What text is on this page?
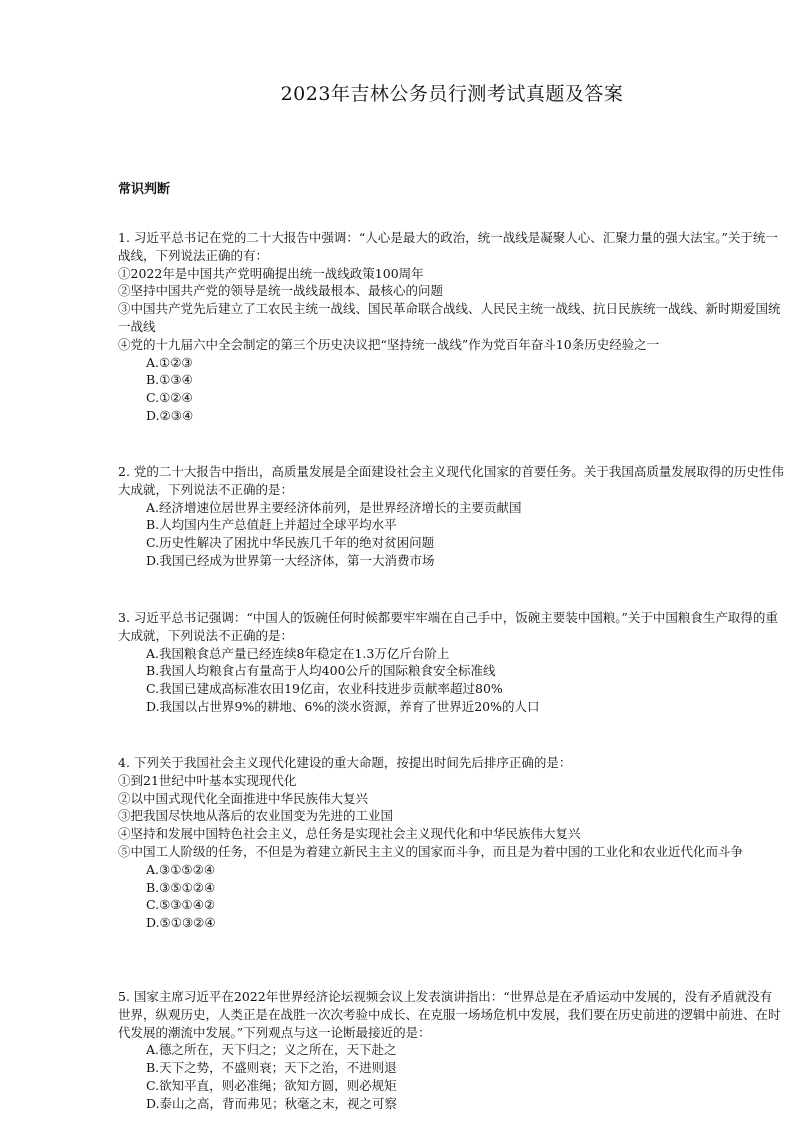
2023年吉林公务员行测考试真题及答案
常识判断

1. 习近平总书记在党的二十大报告中强调：“人心是最大的政治，统一战线是凝聚人心、汇聚力量的强大法宝。”关于统一战线，下列说法正确的有：

①2022年是中国共产党明确提出统一战线政策100周年

②坚持中国共产党的领导是统一战线最根本、最核心的问题

③中国共产党先后建立了工农民主统一战线、国民革命联合战线、人民民主统一战线、抗日民族统一战线、新时期爱国统一战线

④党的十九届六中全会制定的第三个历史决议把“坚持统一战线”作为党百年奋斗10条历史经验之一

A.①②③

B.①③④

C.①②④

D.②③④

2. 党的二十大报告中指出，高质量发展是全面建设社会主义现代化国家的首要任务。关于我国高质量发展取得的历史性伟大成就，下列说法不正确的是：

A.经济增速位居世界主要经济体前列，是世界经济增长的主要贡献国

B.人均国内生产总值赶上并超过全球平均水平

C.历史性解决了困扰中华民族几千年的绝对贫困问题

D.我国已经成为世界第一大经济体，第一大消费市场

3. 习近平总书记强调：“中国人的饭碗任何时候都要牢牢端在自己手中，饭碗主要装中国粮。”关于中国粮食生产取得的重大成就，下列说法不正确的是：

A.我国粮食总产量已经连续8年稳定在1.3万亿斤台阶上

B.我国人均粮食占有量高于人均400公斤的国际粮食安全标准线

C.我国已建成高标准农田19亿亩，农业科技进步贡献率超过80%

D.我国以占世界9%的耕地、6%的淡水资源，养育了世界近20%的人口

4. 下列关于我国社会主义现代化建设的重大命题，按提出时间先后排序正确的是：

①到21世纪中叶基本实现现代化

②以中国式现代化全面推进中华民族伟大复兴

③把我国尽快地从落后的农业国变为先进的工业国

④坚持和发展中国特色社会主义，总任务是实现社会主义现代化和中华民族伟大复兴

⑤中国工人阶级的任务，不但是为着建立新民主主义的国家而斗争，而且是为着中国的工业化和农业近代化而斗争

A.③①⑤②④

B.③⑤①②④

C.⑤③①④②

D.⑤①③②④

5. 国家主席习近平在2022年世界经济论坛视频会议上发表演讲指出：“世界总是在矛盾运动中发展的，没有矛盾就没有世界，纵观历史，人类正是在战胜一次次考验中成长、在克服一场场危机中发展，我们要在历史前进的逻辑中前进、在时代发展的潮流中发展。”下列观点与这一论断最接近的是：

A.德之所在，天下归之；义之所在，天下赴之

B.天下之势，不盛则衰；天下之治，不进则退

C.欲知平直，则必准绳；欲知方圆，则必规矩

D.泰山之高，背而弗见；秋毫之末，视之可察
